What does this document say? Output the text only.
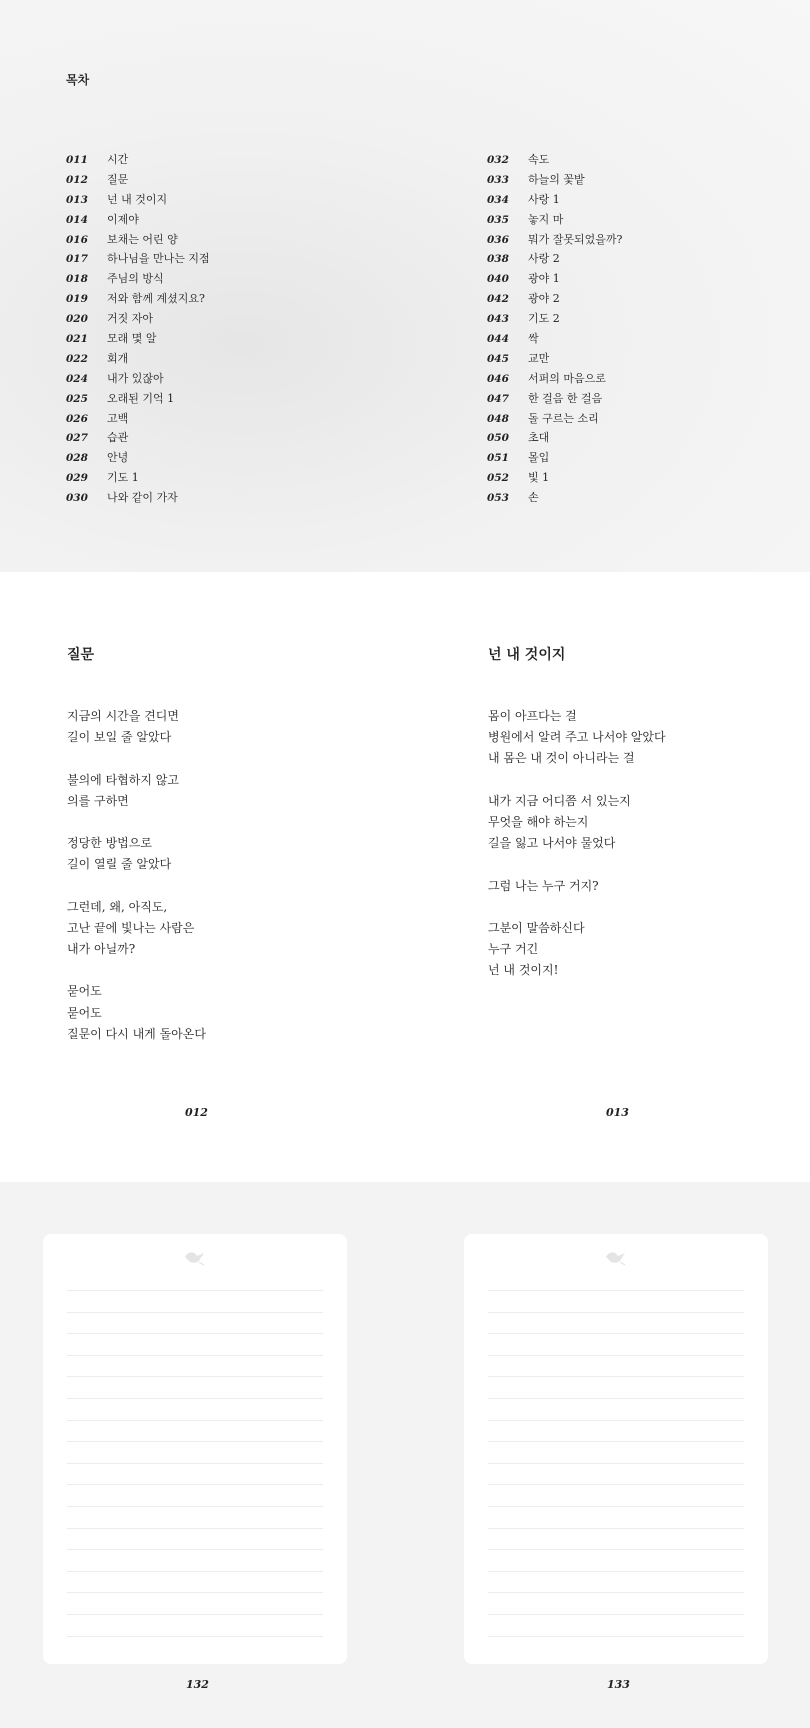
목차
011 시간
012 질문
013 넌 내 것이지
014 이제야
016 보채는 어린 양
017 하나님을 만나는 지점
018 주님의 방식
019 저와 함께 계셨지요?
020 거짓 자아
021 모래 몇 알
022 회개
024 내가 있잖아
025 오래된 기억 1
026 고백
027 습관
028 안녕
029 기도 1
030 나와 같이 가자
032 속도
033 하늘의 꽃밭
034 사랑 1
035 놓지 마
036 뭐가 잘못되었을까?
038 사랑 2
040 광야 1
042 광야 2
043 기도 2
044 싹
045 교만
046 서퍼의 마음으로
047 한 걸음 한 걸음
048 돌 구르는 소리
050 초대
051 몰입
052 빛 1
053 손
질문
지금의 시간을 견디면
길이 보일 줄 알았다
불의에 타협하지 않고
의를 구하면
정당한 방법으로
길이 열릴 줄 알았다
그런데, 왜, 아직도,
고난 끝에 빛나는 사람은
내가 아닐까?
묻어도
묻어도
질문이 다시 내게 돌아온다
012
넌 내 것이지
몸이 아프다는 걸
병원에서 알려 주고 나서야 알았다
내 몸은 내 것이 아니라는 걸
내가 지금 어디쯤 서 있는지
무엇을 해야 하는지
길을 잃고 나서야 물었다
그럼 나는 누구 거지?
그분이 말씀하신다
누구 거긴
넌 내 것이지!
013
132	133
